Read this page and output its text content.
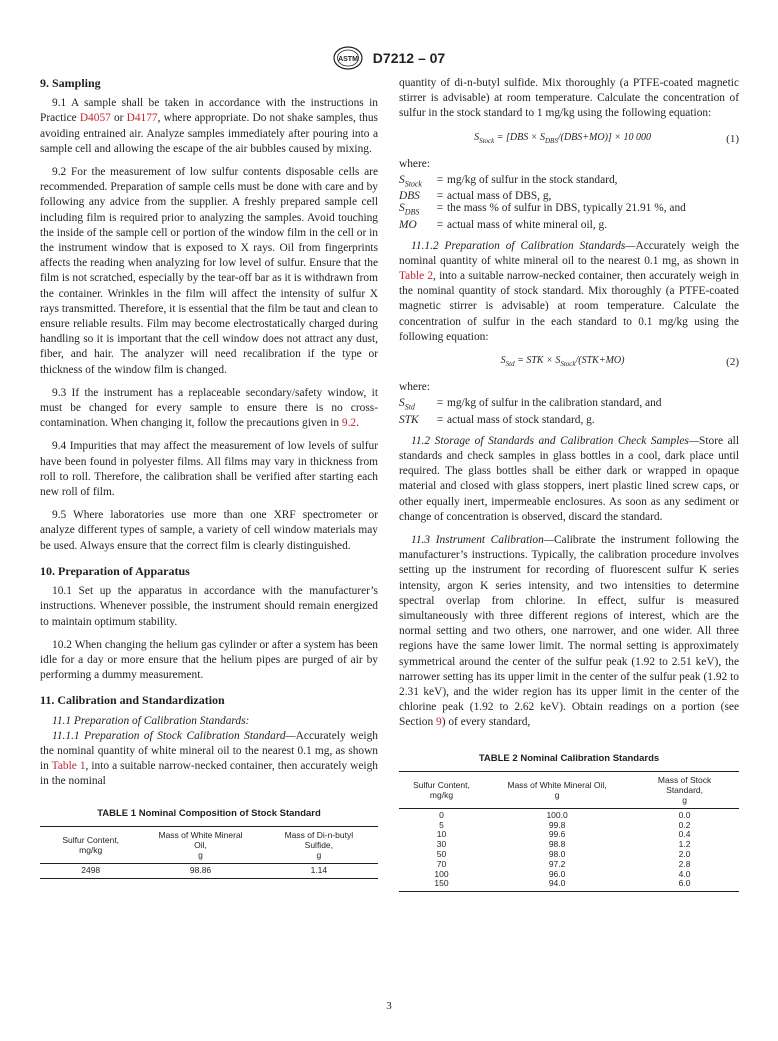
ASTM D7212 – 07
9. Sampling

9.1 A sample shall be taken in accordance with the instructions in Practice D4057 or D4177, where appropriate. Do not shake samples, thus avoiding entrained air. Analyze samples immediately after pouring into a sample cell and allowing the escape of the air bubbles caused by mixing.

9.2 For the measurement of low sulfur contents disposable cells are recommended. Preparation of sample cells must be done with care and by following any advice from the supplier. A freshly prepared sample cell including film is required prior to analyzing the samples. Avoid touching the inside of the sample cell or portion of the window film in the cell or in the instrument window that is exposed to X rays. Oil from fingerprints affects the reading when analyzing for low level of sulfur. Ensure that the film is not scratched, especially by the tear-off bar as it is withdrawn from the container. Wrinkles in the film will affect the intensity of sulfur X rays transmitted. Therefore, it is essential that the film be taut and clean to ensure reliable results. Film may become electrostatically charged during handling so it is important that the cell window does not attract any dust, fiber, and hair. The analyzer will need recalibration if the type or thickness of the window film is changed.

9.3 If the instrument has a replaceable secondary/safety window, it must be changed for every sample to ensure there is no cross-contamination. When changing it, follow the precautions given in 9.2.

9.4 Impurities that may affect the measurement of low levels of sulfur have been found in polyester films. All films may vary in thickness from roll to roll. Therefore, the calibration shall be verified after starting each new roll of film.

9.5 Where laboratories use more than one XRF spectrometer or analyze different types of sample, a variety of cell window materials may be used. Always ensure that the correct film is clearly distinguished.

10. Preparation of Apparatus

10.1 Set up the apparatus in accordance with the manufacturer’s instructions. Whenever possible, the instrument should remain energized to maintain optimum stability.

10.2 When changing the helium gas cylinder or after a system has been idle for a day or more ensure that the helium pipes are purged of air by performing a dummy measurement.

11. Calibration and Standardization

11.1 Preparation of Calibration Standards:

11.1.1 Preparation of Stock Calibration Standard—Accurately weigh the nominal quantity of white mineral oil to the nearest 0.1 mg, as shown in Table 1, into a suitable narrow-necked container, then accurately weigh in the nominal

TABLE 1 Nominal Composition of Stock Standard
Sulfur Content,
mg/kg	Mass of White Mineral
Oil,
g	Mass of Di-n-butyl
Sulfide,
g
2498	98.86	1.14

quantity of di-n-butyl sulfide. Mix thoroughly (a PTFE-coated magnetic stirrer is advisable) at room temperature. Calculate the concentration of sulfur in the stock standard to 1 mg/kg using the following equation:

$S_{Stock} = [DBS \times S_{DBS}/(DBS+MO)] \times 10$ 000	(1)

where:

$S_{Stock}$	= mg/kg of sulfur in the stock standard,
DBS	= actual mass of DBS, g,
$S_{DBS}$	= the mass % of sulfur in DBS, typically 21.91 %, and
MO	= actual mass of white mineral oil, g.

11.1.2 Preparation of Calibration Standards—Accurately weigh the nominal quantity of white mineral oil to the nearest 0.1 mg, as shown in Table 2, into a suitable narrow-necked container, then accurately weigh in the nominal quantity of stock standard. Mix thoroughly (a PTFE-coated magnetic stirrer is advisable) at room temperature. Calculate the concentration of sulfur in the each standard to 0.1 mg/kg using the following equation:

$S_{Std}$ = STK × $S_{Stock}/(STK+MO)$	(2)

where:

$S_{Std}$	= mg/kg of sulfur in the calibration standard, and
STK	= actual mass of stock standard, g.

11.2 Storage of Standards and Calibration Check Samples—Store all standards and check samples in glass bottles in a cool, dark place until required. The glass bottles shall be either dark or wrapped in opaque material and closed with glass stoppers, inert plastic lined screw caps, or other equally inert, impermeable enclosures. As soon as any sediment or change of concentration is observed, discard the standard.

11.3 Instrument Calibration—Calibrate the instrument following the manufacturer’s instructions. Typically, the calibration procedure involves setting up the instrument for recording of fluorescent sulfur K series intensity, argon K series intensity, and two intensities to determine spectral overlap from chlorine. In effect, sulfur is measured simultaneously with three different regions of interest, which are the normal setting and two others, one narrower, and one wider. All three regions have the same lower limit. The normal setting is approximately symmetrical around the center of the sulfur peak (1.92 to 2.51 keV), the narrower setting has its upper limit in the center of the sulfur peak (1.92 to 2.31 keV), and the wider region has its upper limit in the center of the chlorine peak (1.92 to 2.62 keV). Obtain readings on a portion (see Section 9) of every standard,

TABLE 2 Nominal Calibration Standards
Sulfur Content,
mg/kg	Mass of White Mineral Oil,
g	Mass of Stock
Standard,
g
0	100.0	0.0
5	99.8	0.2
10	99.6	0.4
30	98.8	1.2
50	98.0	2.0
70	97.2	2.8
100	96.0	4.0
150	94.0	6.0
3
